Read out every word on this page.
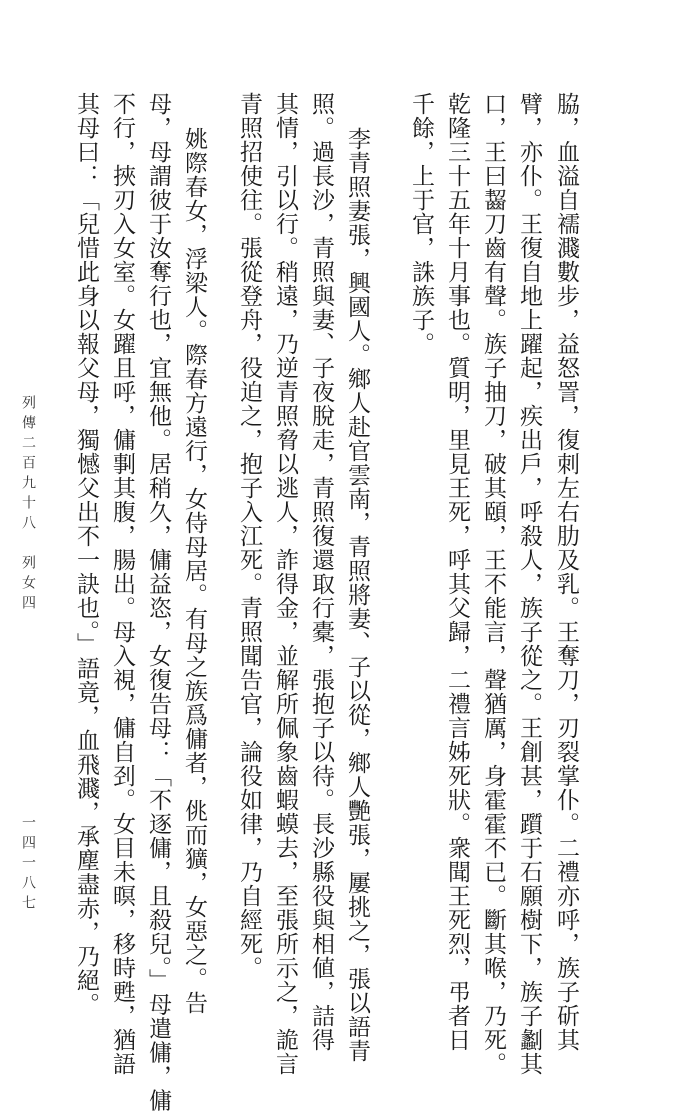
列傳二百九十八　列女四
一四一八七	脇，血溢自襦濺數步，益怒詈，復刺左右肋及乳。王奪刀，刃裂掌仆。二禮亦呼，族子斫其
臂，亦仆。王復自地上躍起，疾出戶，呼殺人，族子從之。王創甚，躓于石願樹下，族子劙其
口，王曰齧刀齒有聲。族子抽刀，破其頤，王不能言，聲猶厲，身霍霍不已。斷其喉，乃死。
乾隆三十五年十月事也。質明，里見王死，呼其父歸，二禮言姊死狀。衆聞王死烈，弔者日
千餘，上于官，誅族子。
李青照妻張，興國人。鄉人赴官雲南，青照將妻、子以從，鄉人艷張，屢挑之，張以語青
照。過長沙，青照與妻、子夜脫走，青照復還取行橐，張抱子以待。長沙縣役與相値，詰得
其情，引以行。稍遠，乃逆青照脅以逃人，詐得金，並解所佩象齒蝦蟆去，至張所示之，詭言
青照招使往。張從登舟，役迫之，抱子入江死。青照聞告官，論役如律，乃自經死。
姚際春女，浮梁人。際春方遠行，女侍母居。有母之族爲傭者，佻而獷，女惡之。告
母，母謂彼于汝奪行也，宜無他。居稍久，傭益恣，女復告母：「不逐傭，且殺兒。」母遣傭，傭
不行，挾刃入女室。女躍且呼，傭剚其腹，腸出。母入視，傭自刭。女目未暝，移時甦，猶語
其母曰：「兒惜此身以報父母，獨憾父出不一訣也。」語竟，血飛濺，承塵盡赤，乃絕。
